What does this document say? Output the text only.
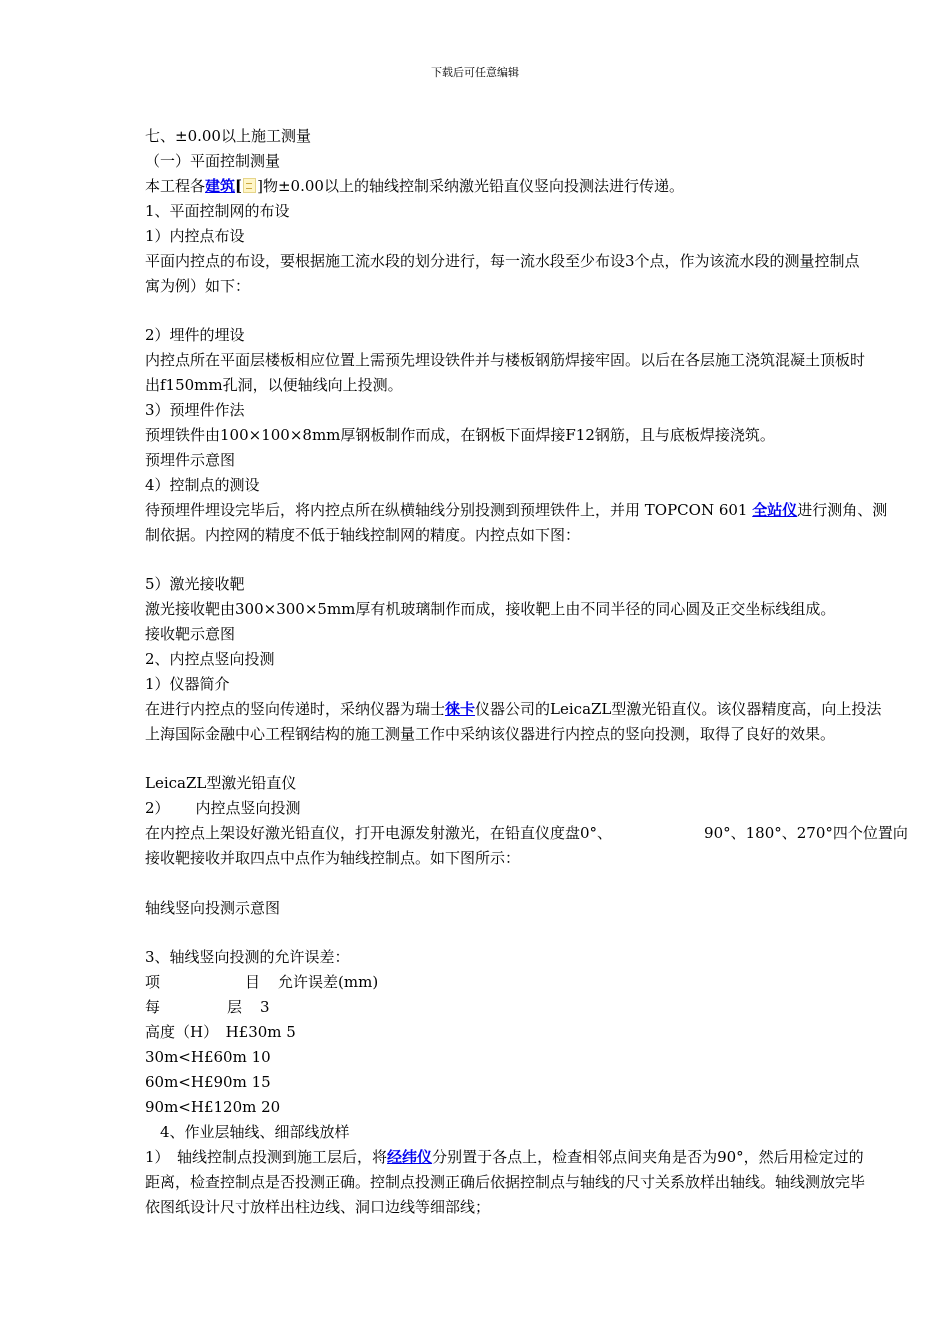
下载后可任意编辑
七、±0.00以上施工测量
（一）平面控制测量
本工程各建筑[ ]物±0.00以上的轴线控制采纳激光铅直仪竖向投测法进行传递。
1、平面控制网的布设
1）内控点布设
平面内控点的布设，要根据施工流水段的划分进行，每一流水段至少布设3个点，作为该流水段的测量控制点
寓为例）如下：
2）埋件的埋设
内控点所在平面层楼板相应位置上需预先埋设铁件并与楼板钢筋焊接牢固。以后在各层施工浇筑混凝土顶板时
出f150mm孔洞，以便轴线向上投测。
3）预埋件作法
预埋铁件由100×100×8mm厚钢板制作而成，在钢板下面焊接F12钢筋，且与底板焊接浇筑。
预埋件示意图
4）控制点的测设
待预埋件埋设完毕后，将内控点所在纵横轴线分别投测到预埋铁件上，并用 TOPCON 601 全站仪进行测角、测
制依据。内控网的精度不低于轴线控制网的精度。内控点如下图：
5）激光接收靶
激光接收靶由300×300×5mm厚有机玻璃制作而成，接收靶上由不同半径的同心圆及正交坐标线组成。
接收靶示意图
2、内控点竖向投测
1）仪器简介
在进行内控点的竖向传递时，采纳仪器为瑞士徕卡仪器公司的LeicaZL型激光铅直仪。该仪器精度高，向上投法
上海国际金融中心工程钢结构的施工测量工作中采纳该仪器进行内控点的竖向投测，取得了良好的效果。
LeicaZL型激光铅直仪
2） 内控点竖向投测
在内控点上架设好激光铅直仪，打开电源发射激光，在铅直仪度盘0°、	90°、180°、270°四个位置向
接收靶接收并取四点中点作为轴线控制点。如下图所示：
轴线竖向投测示意图
3、轴线竖向投测的允许误差：
项	目 允许误差(mm)
每	层 3
高度（H）　H£30m 5
30m<H£60m 10
60m<H£90m 15
90m<H£120m 20
　4、作业层轴线、细部线放样
1）　轴线控制点投测到施工层后，将经纬仪分别置于各点上，检查相邻点间夹角是否为90°，然后用检定过的
距离，检查控制点是否投测正确。控制点投测正确后依据控制点与轴线的尺寸关系放样出轴线。轴线测放完毕
依图纸设计尺寸放样出柱边线、洞口边线等细部线；
